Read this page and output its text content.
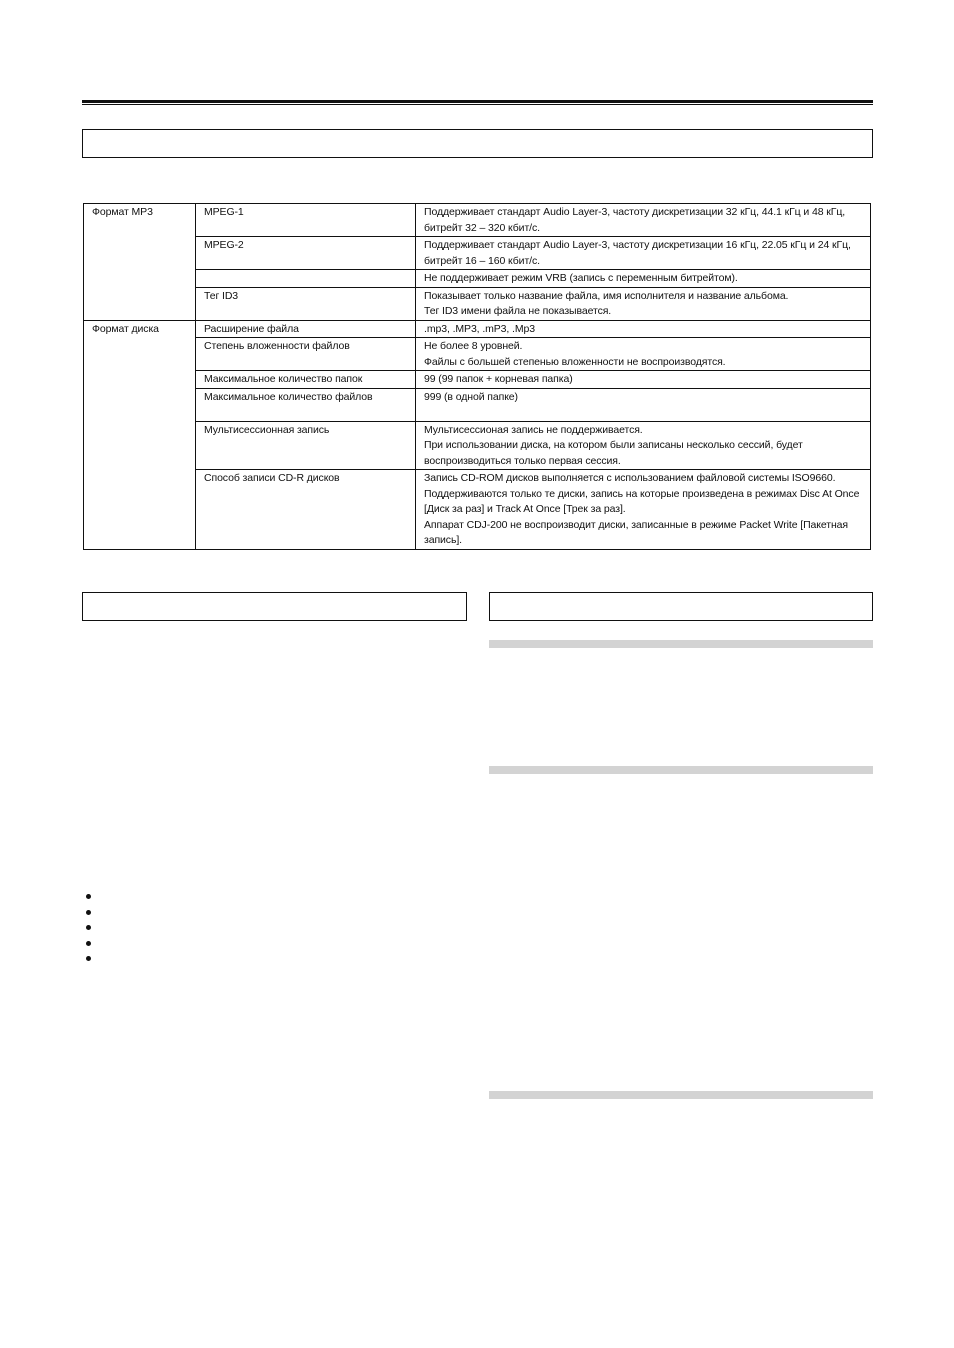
Формат MP3	MPEG-1	Поддерживает стандарт Audio Layer-3, частоту дискретизации 32 кГц, 44.1 кГц и 48 кГц,
битрейт 32 – 320 кбит/с.

	MPEG-2	Поддерживает стандарт Audio Layer-3, частоту дискретизации 16 кГц, 22.05 кГц и 24 кГц,
битрейт 16 – 160 кбит/с.

		Не поддерживает режим VRB (запись с переменным битрейтом).

	Тег ID3	Показывает только название файла, имя исполнителя и название альбома.
Тег ID3 имени файла не показывается.

Формат диска	Расширение файла	.mp3, .MP3, .mP3, .Mp3

	Степень вложенности файлов	Не более 8 уровней.
Файлы с большей степенью вложенности не воспроизводятся.

	Максимальное количество папок	99 (99 папок + корневая папка)

	Максимальное количество файлов	999 (в одной папке)

	Мультисессионная запись	Мультисессионая запись не поддерживается.
При использовании диска, на котором были записаны несколько сессий, будет
воспроизводиться только первая сессия.

	Способ записи CD-R дисков	Запись CD-ROM дисков выполняется с использованием файловой системы ISO9660.
Поддерживаются только те диски, запись на которые произведена в режимах Disc At Once
[Диск за раз] и Track At Once [Трек за раз].
Аппарат CDJ-200 не воспроизводит диски, записанные в режиме Packet Write [Пакетная
запись].
